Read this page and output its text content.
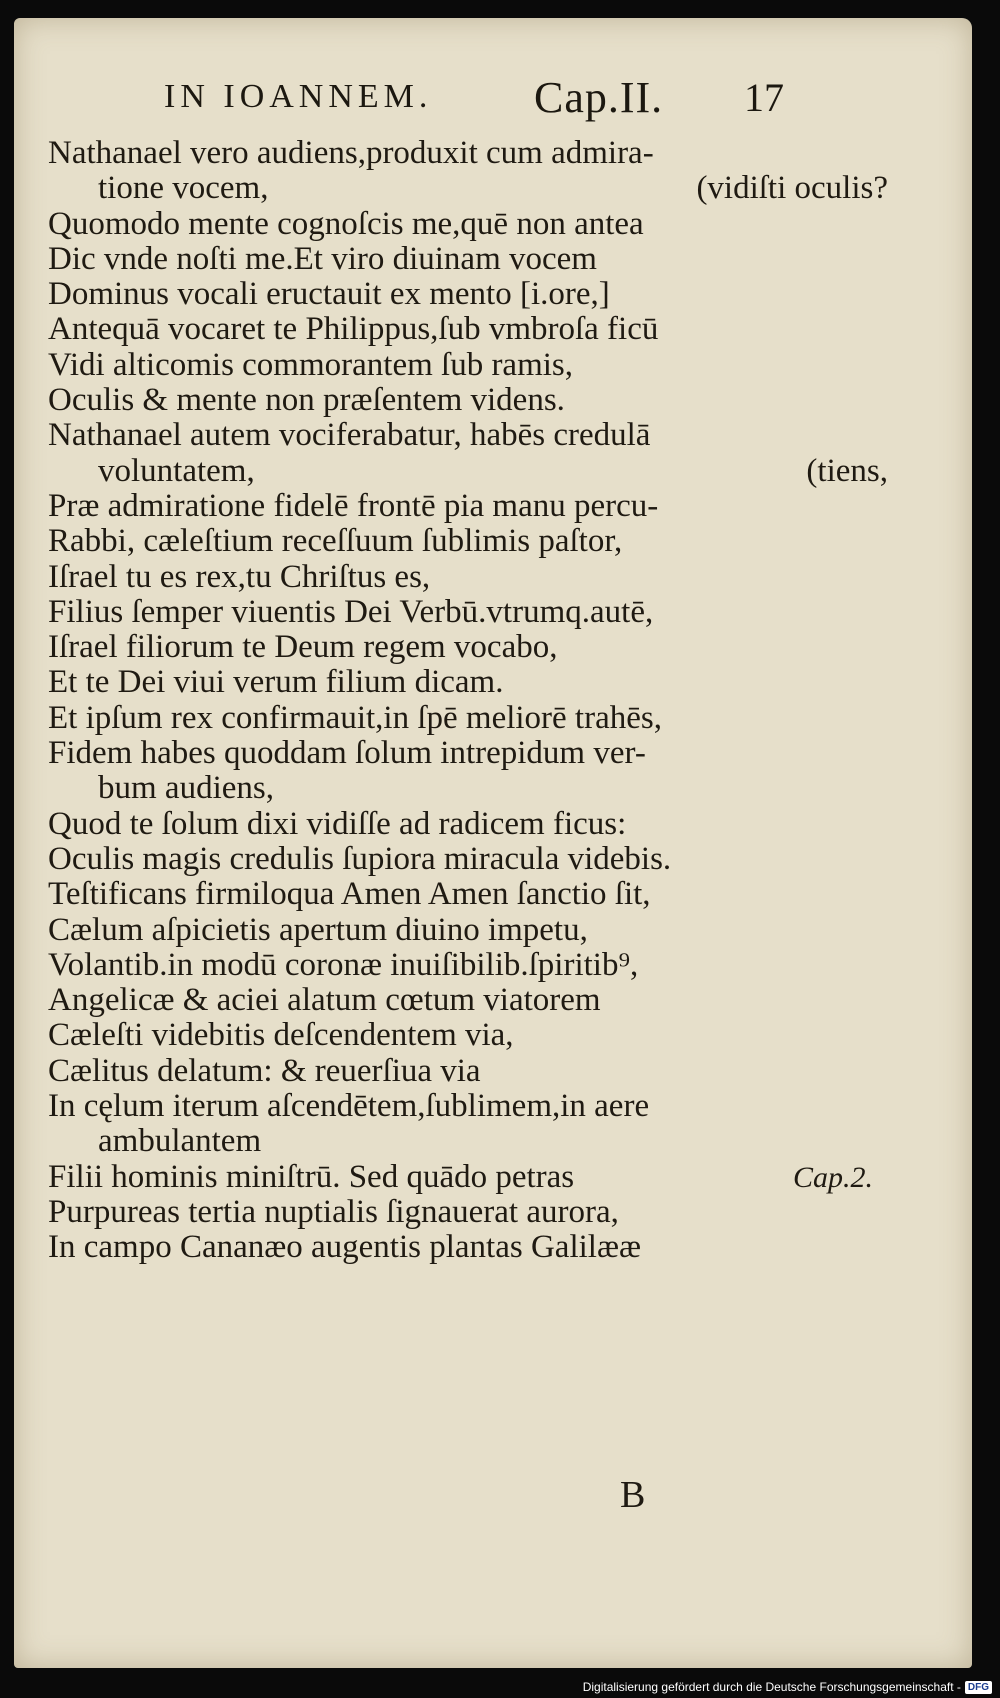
IN IOANNEM. Cap.II. 17
Nathanael vero audiens,produxit cum admira-
tione vocem,	(vidiſti oculis?
Quomodo mente cognoſcis me,quē non antea
Dic vnde noſti me.Et viro diuinam vocem
Dominus vocali eructauit ex mento [i.ore,]
Antequā vocaret te Philippus,ſub vmbroſa ficū
Vidi alticomis commorantem ſub ramis,
Oculis & mente non præſentem videns.
Nathanael autem vociferabatur, habēs credulā
voluntatem,	(tiens,
Præ admiratione fidelē frontē pia manu percu-
Rabbi, cæleſtium receſſuum ſublimis paſtor,
Iſrael tu es rex,tu Chriſtus es,
Filius ſemper viuentis Dei Verbū.vtrumq.autē,
Iſrael filiorum te Deum regem vocabo,
Et te Dei viui verum filium dicam.
Et ipſum rex confirmauit,in ſpē meliorē trahēs,
Fidem habes quoddam ſolum intrepidum ver-
bum audiens,
Quod te ſolum dixi vidiſſe ad radicem ficus:
Oculis magis credulis ſupiora miracula videbis.
Teſtificans firmiloqua Amen Amen ſanctio ſit,
Cælum aſpicietis apertum diuino impetu,
Volantib.in modū coronæ inuiſibilib.ſpiritib⁹,
Angelicæ & aciei alatum cœtum viatorem
Cæleſti videbitis deſcendentem via,
Cælitus delatum: & reuerſiua via
In cęlum iterum aſcendētem,ſublimem,in aere
ambulantem
Filii hominis miniſtrū. Sed quādo petras	Cap.2.
Purpureas tertia nuptialis ſignauerat aurora,
In campo Cananæo augentis plantas Galilææ
B
Digitalisierung gefördert durch die Deutsche Forschungsgemeinschaft - DFG
